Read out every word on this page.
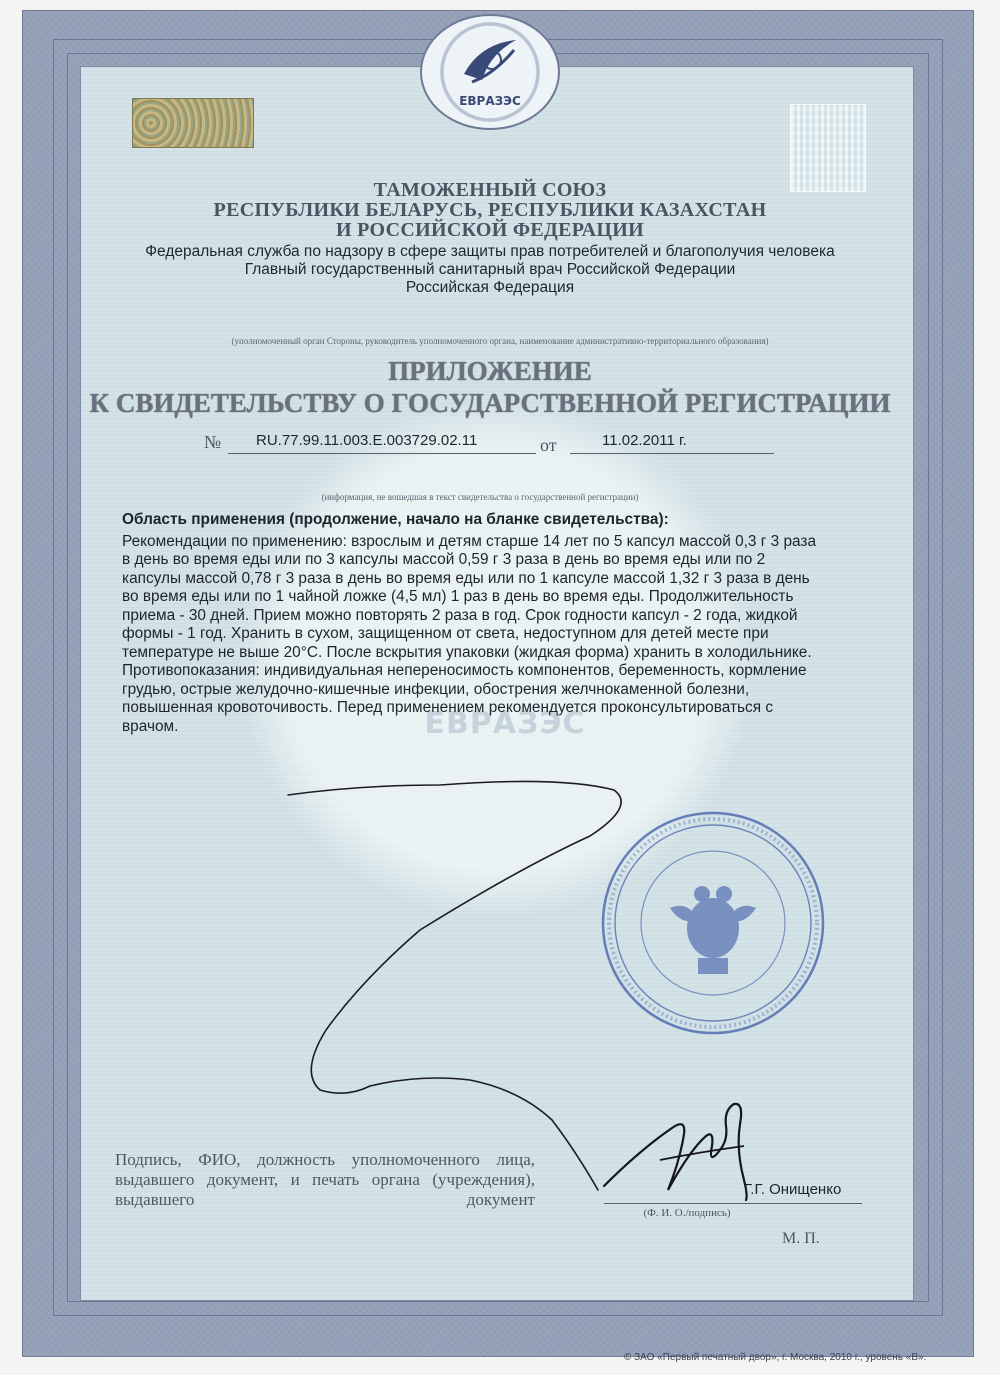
ЕВРАЗЭС
ТАМОЖЕННЫЙ СОЮЗ
РЕСПУБЛИКИ БЕЛАРУСЬ, РЕСПУБЛИКИ КАЗАХСТАН
И РОССИЙСКОЙ ФЕДЕРАЦИИ
Федеральная служба по надзору в сфере защиты прав потребителей и благополучия человека
Главный государственный санитарный врач Российской Федерации
Российская Федерация
(уполномоченный орган Стороны, руководитель уполномоченного органа, наименование административно-территориального образования)
ПРИЛОЖЕНИЕ
К СВИДЕТЕЛЬСТВУ О ГОСУДАРСТВЕННОЙ РЕГИСТРАЦИИ
№ RU.77.99.11.003.Е.003729.02.11	от	11.02.2011 г.
(информация, не вошедшая в текст свидетельства о государственной регистрации)
ЕВРАЗЭС
Область применения (продолжение, начало на бланке свидетельства):
Рекомендации по применению: взрослым и детям старше 14 лет по 5 капсул массой 0,3 г 3 раза
в день во время еды или по 3 капсулы массой 0,59 г 3 раза в день во время еды или по 2
капсулы массой 0,78 г 3 раза в день во время еды или по 1 капсуле массой 1,32 г 3 раза в день
во время еды или по 1 чайной ложке (4,5 мл) 1 раз в день во время еды. Продолжительность
приема - 30 дней. Прием можно повторять 2 раза в год. Срок годности капсул - 2 года, жидкой
формы - 1 год. Хранить в сухом, защищенном от света, недоступном для детей месте при
температуре не выше 20°С. После вскрытия упаковки (жидкая форма) хранить в холодильнике.
Противопоказания: индивидуальная непереносимость компонентов, беременность, кормление
грудью, острые желудочно-кишечные инфекции, обострения желчнокаменной болезни,
повышенная кровоточивость. Перед применением рекомендуется проконсультироваться с
врачом.
Подпись, ФИО, должность уполномоченного лица, выдавшего документ, и печать органа (учреждения), выдавшего документ
Г.Г. Онищенко
(Ф. И. О./подпись)
М. П.
© ЗАО «Первый печатный двор», г. Москва, 2010 г., уровень «В».
